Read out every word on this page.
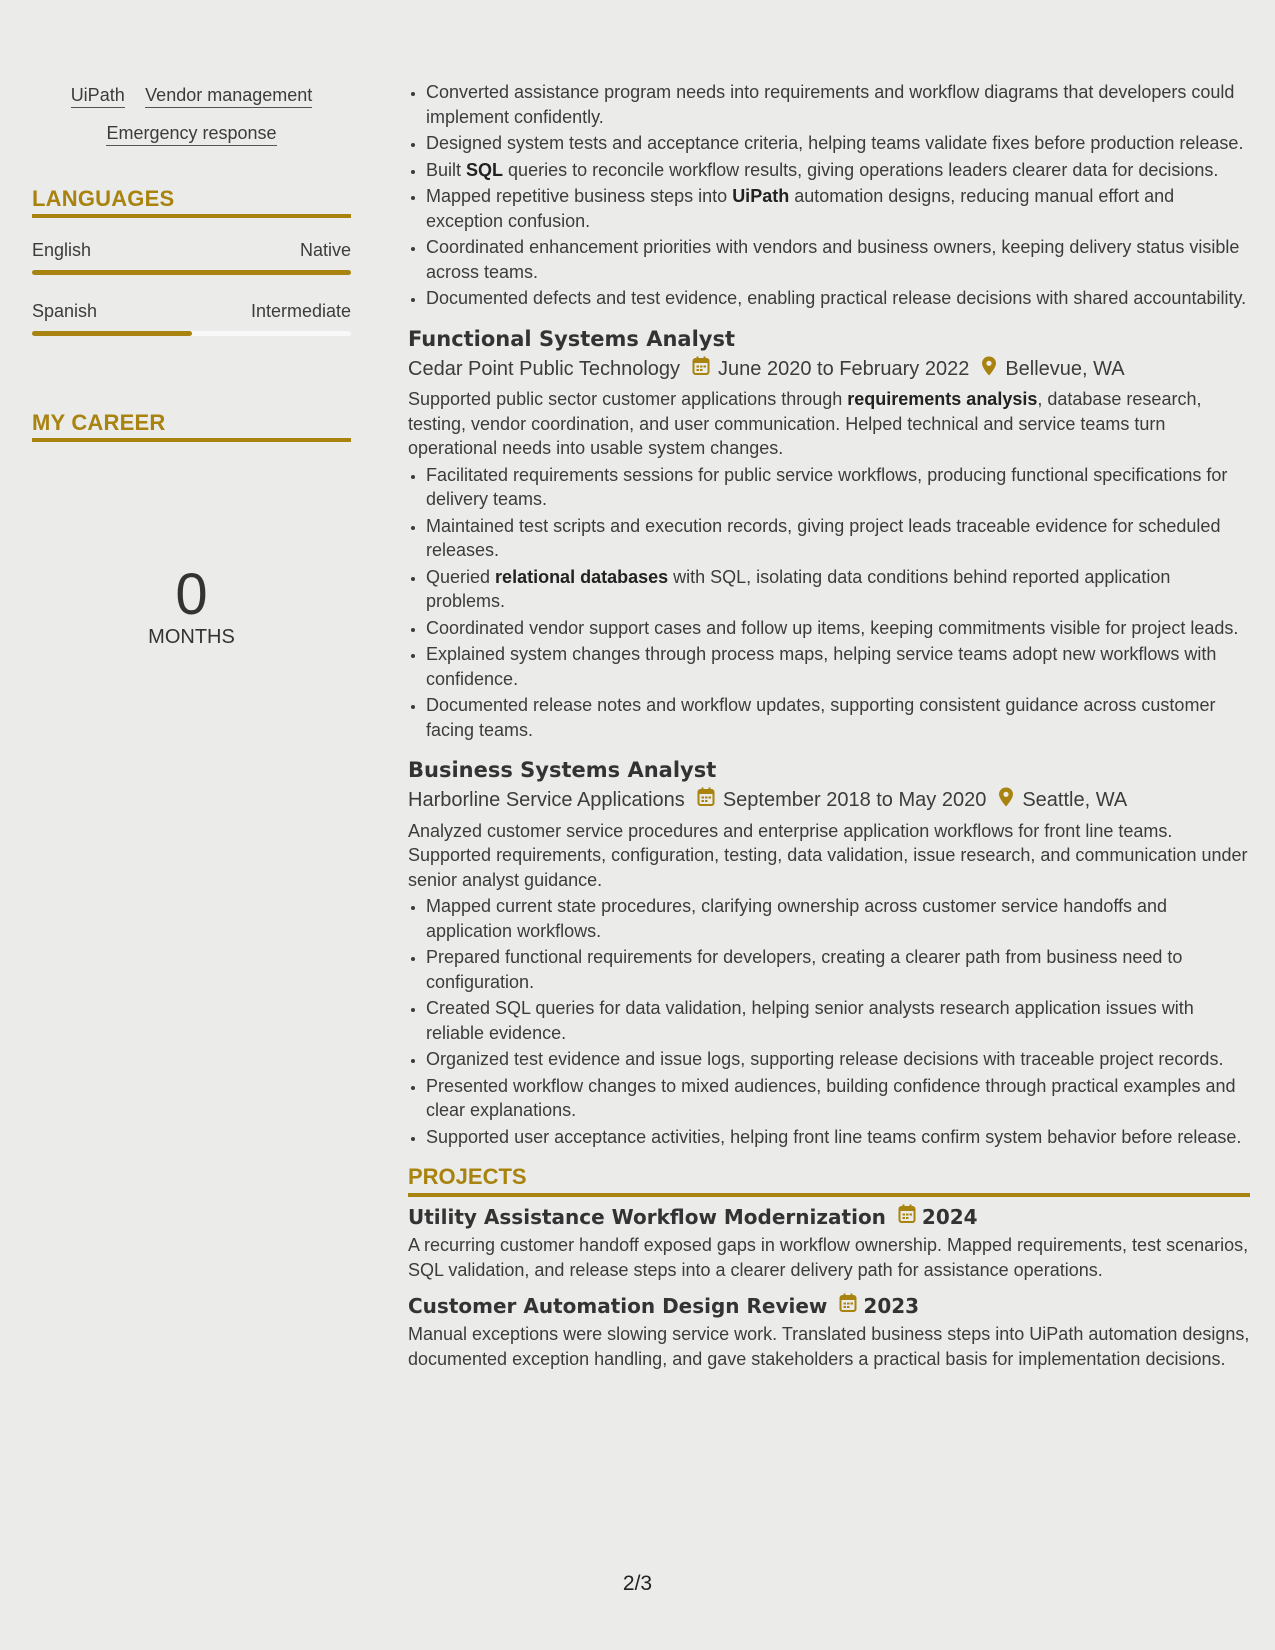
UiPath Vendor management
Emergency response
LANGUAGES
English	Native
Spanish	Intermediate
MY CAREER
0
MONTHS
• Converted assistance program needs into requirements and workflow diagrams that developers could implement confidently.
• Designed system tests and acceptance criteria, helping teams validate fixes before production release.
• Built SQL queries to reconcile workflow results, giving operations leaders clearer data for decisions.
• Mapped repetitive business steps into UiPath automation designs, reducing manual effort and exception confusion.
• Coordinated enhancement priorities with vendors and business owners, keeping delivery status visible across teams.
• Documented defects and test evidence, enabling practical release decisions with shared accountability.
Functional Systems Analyst
Cedar Point Public Technology June 2020 to February 2022 Bellevue, WA
Supported public sector customer applications through requirements analysis, database research, testing, vendor coordination, and user communication. Helped technical and service teams turn operational needs into usable system changes.
• Facilitated requirements sessions for public service workflows, producing functional specifications for delivery teams.
• Maintained test scripts and execution records, giving project leads traceable evidence for scheduled releases.
• Queried relational databases with SQL, isolating data conditions behind reported application problems.
• Coordinated vendor support cases and follow up items, keeping commitments visible for project leads.
• Explained system changes through process maps, helping service teams adopt new workflows with confidence.
• Documented release notes and workflow updates, supporting consistent guidance across customer facing teams.
Business Systems Analyst
Harborline Service Applications September 2018 to May 2020 Seattle, WA
Analyzed customer service procedures and enterprise application workflows for front line teams. Supported requirements, configuration, testing, data validation, issue research, and communication under senior analyst guidance.
• Mapped current state procedures, clarifying ownership across customer service handoffs and application workflows.
• Prepared functional requirements for developers, creating a clearer path from business need to configuration.
• Created SQL queries for data validation, helping senior analysts research application issues with reliable evidence.
• Organized test evidence and issue logs, supporting release decisions with traceable project records.
• Presented workflow changes to mixed audiences, building confidence through practical examples and clear explanations.
• Supported user acceptance activities, helping front line teams confirm system behavior before release.
PROJECTS
Utility Assistance Workflow Modernization 2024
A recurring customer handoff exposed gaps in workflow ownership. Mapped requirements, test scenarios, SQL validation, and release steps into a clearer delivery path for assistance operations.
Customer Automation Design Review 2023
Manual exceptions were slowing service work. Translated business steps into UiPath automation designs, documented exception handling, and gave stakeholders a practical basis for implementation decisions.
2/3
